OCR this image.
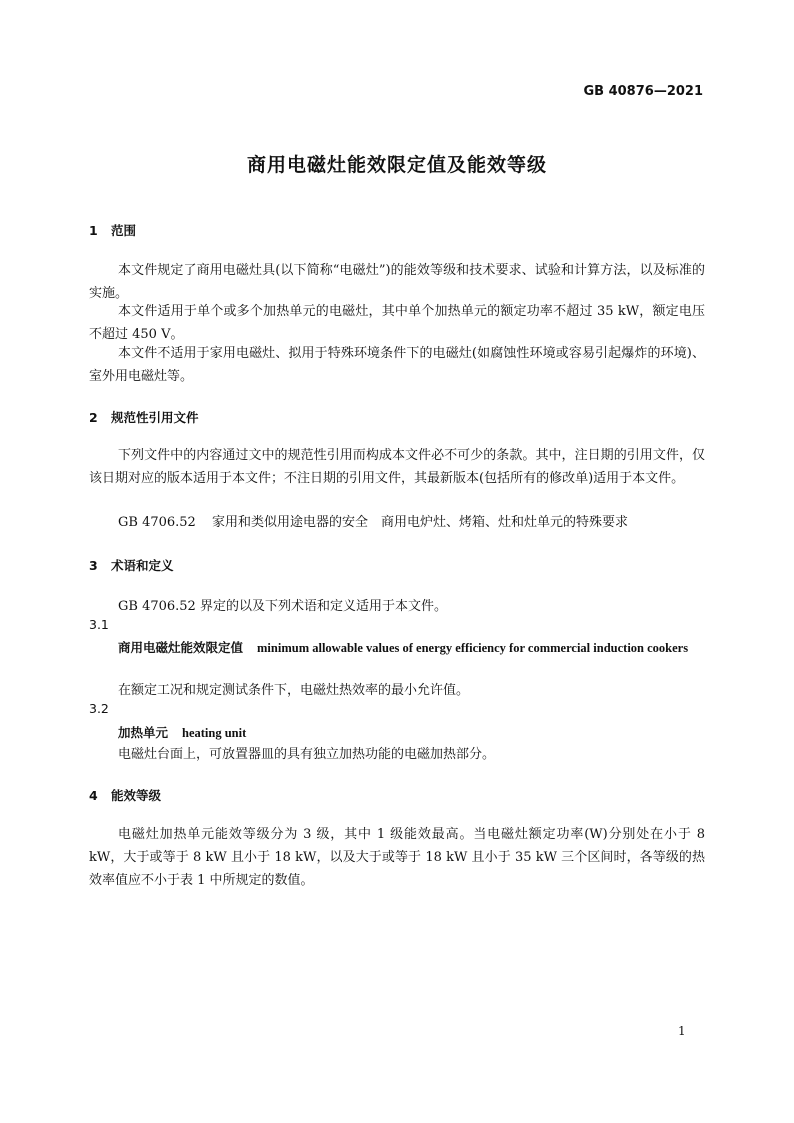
GB 40876—2021
商用电磁灶能效限定值及能效等级
1 范围

本文件规定了商用电磁灶具(以下简称“电磁灶”)的能效等级和技术要求、试验和计算方法，以及标准的实施。

本文件适用于单个或多个加热单元的电磁灶，其中单个加热单元的额定功率不超过 35 kW，额定电压不超过 450 V。

本文件不适用于家用电磁灶、拟用于特殊环境条件下的电磁灶(如腐蚀性环境或容易引起爆炸的环境)、室外用电磁灶等。

2 规范性引用文件

下列文件中的内容通过文中的规范性引用而构成本文件必不可少的条款。其中，注日期的引用文件，仅该日期对应的版本适用于本文件；不注日期的引用文件，其最新版本(包括所有的修改单)适用于本文件。

GB 4706.52 家用和类似用途电器的安全　商用电炉灶、烤箱、灶和灶单元的特殊要求
3 术语和定义
GB 4706.52 界定的以及下列术语和定义适用于本文件。
3.1
商用电磁灶能效限定值 minimum allowable values of energy efficiency for commercial induction cookers
在额定工况和规定测试条件下，电磁灶热效率的最小允许值。
3.2
加热单元 heating unit
电磁灶台面上，可放置器皿的具有独立加热功能的电磁加热部分。
4 能效等级

电磁灶加热单元能效等级分为 3 级，其中 1 级能效最高。当电磁灶额定功率(W)分别处在小于 8 kW，大于或等于 8 kW 且小于 18 kW，以及大于或等于 18 kW 且小于 35 kW 三个区间时，各等级的热效率值应不小于表 1 中所规定的数值。

1
